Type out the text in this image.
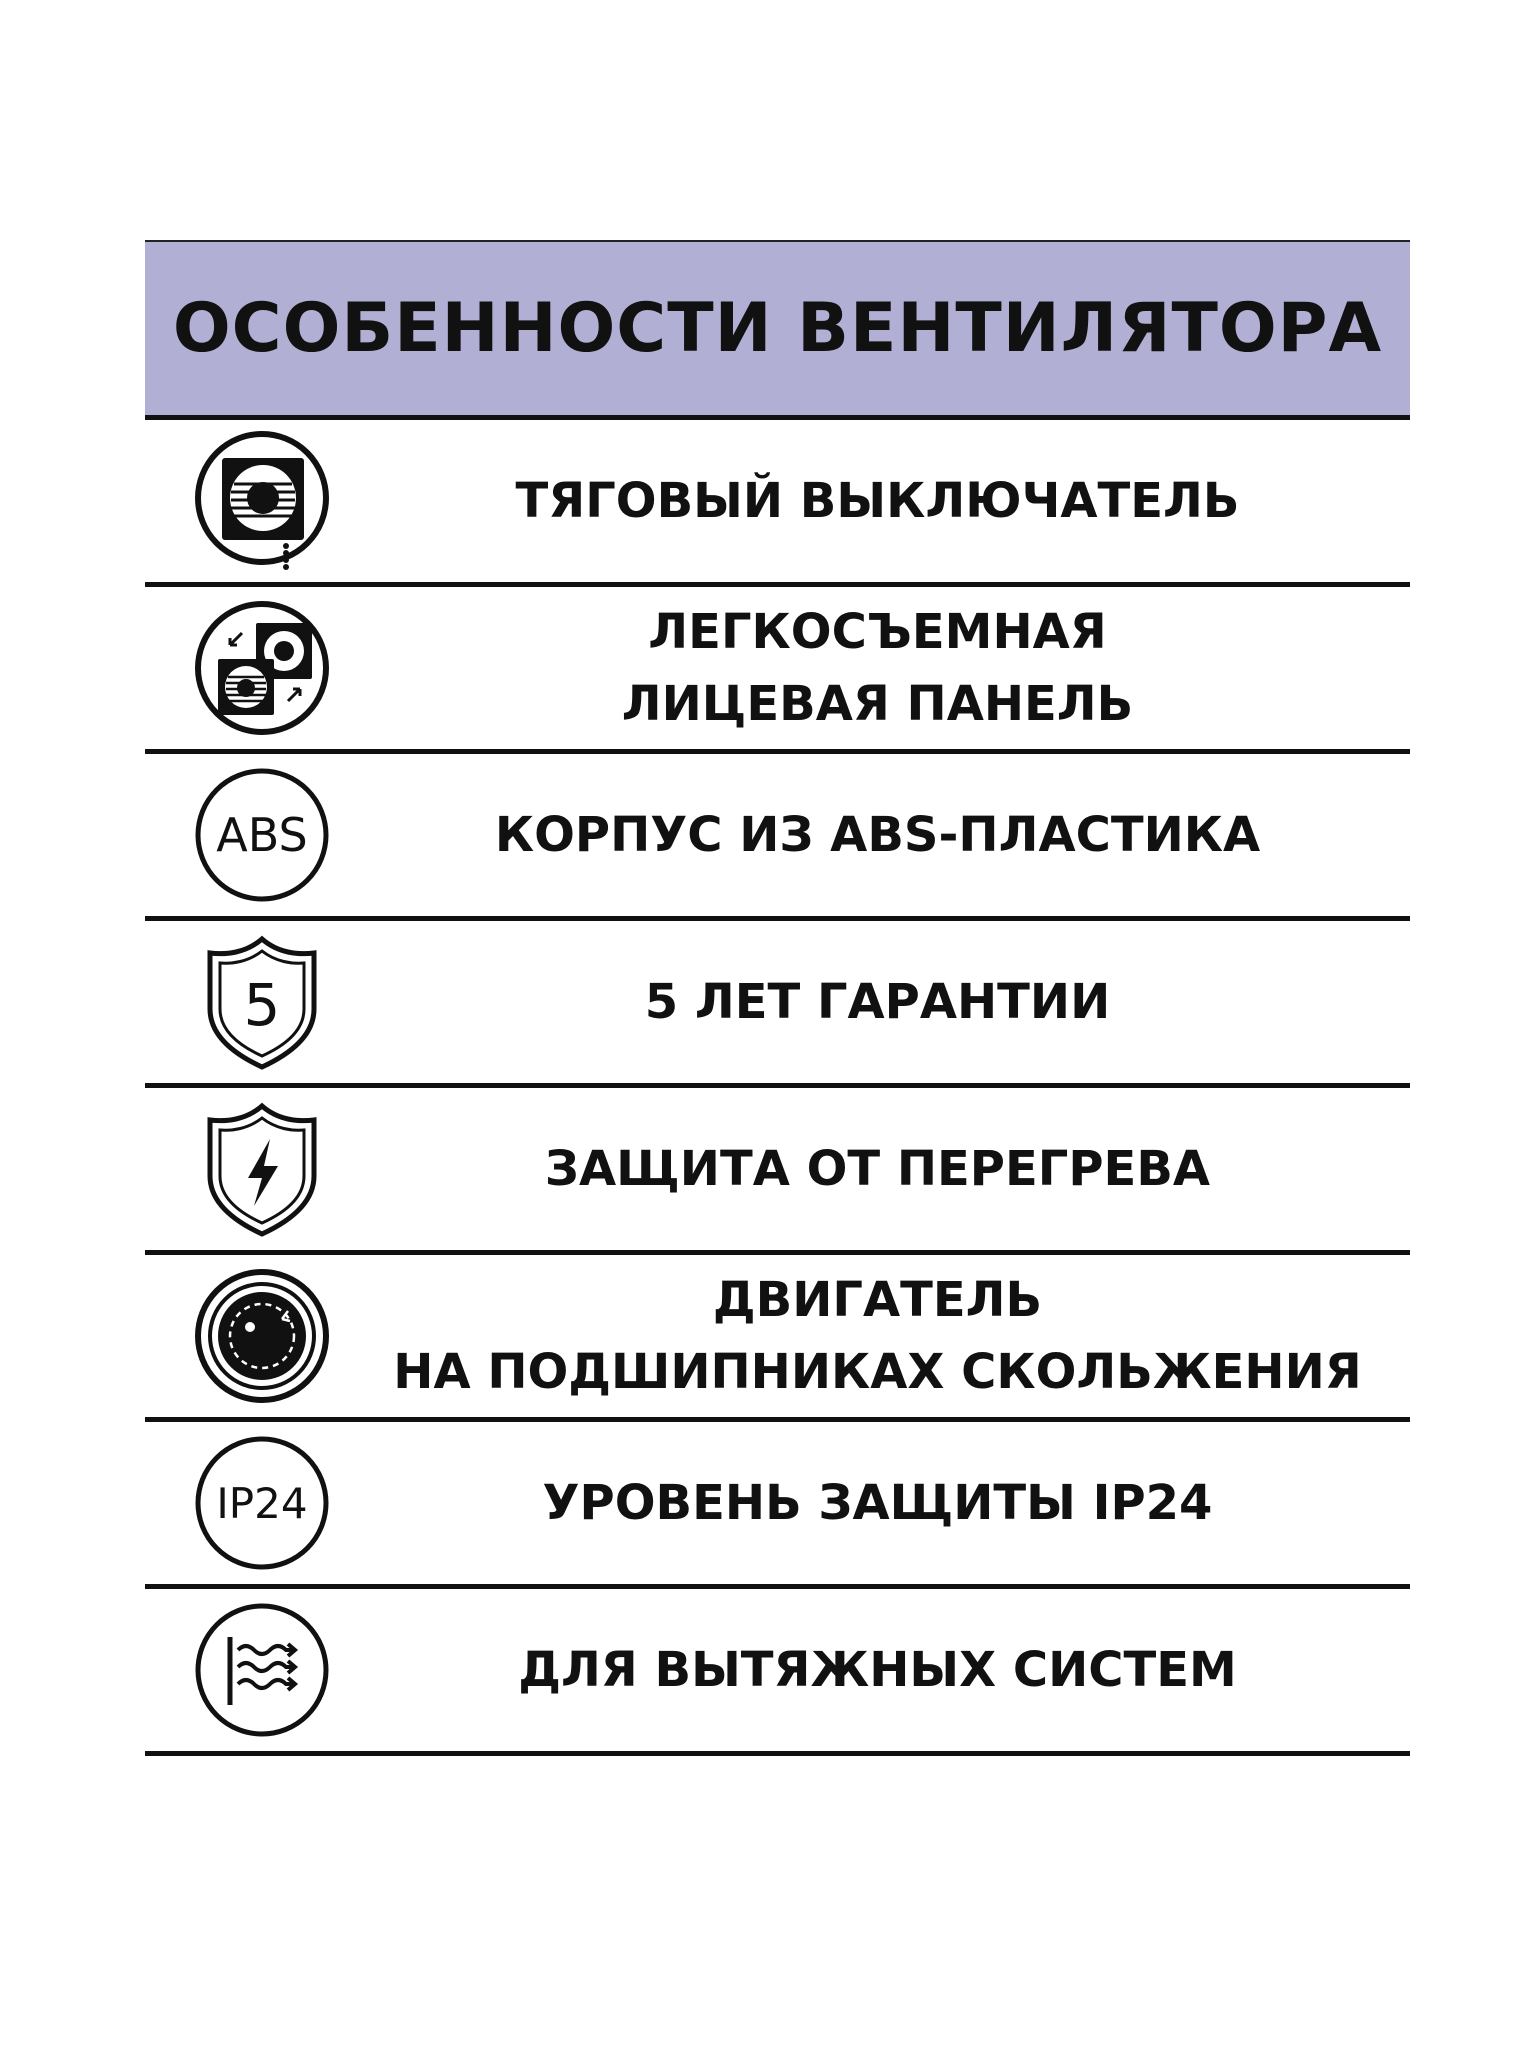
ОСОБЕННОСТИ ВЕНТИЛЯТОРА
ТЯГОВЫЙ ВЫКЛЮЧАТЕЛЬ
ЛЕГКОСЪЕМНАЯ
ЛИЦЕВАЯ ПАНЕЛЬ
ABS	КОРПУС ИЗ ABS-ПЛАСТИКА
5	5 ЛЕТ ГАРАНТИИ
ЗАЩИТА ОТ ПЕРЕГРЕВА
ДВИГАТЕЛЬ
НА ПОДШИПНИКАХ СКОЛЬЖЕНИЯ
IP24	УРОВЕНЬ ЗАЩИТЫ IP24
ДЛЯ ВЫТЯЖНЫХ СИСТЕМ
